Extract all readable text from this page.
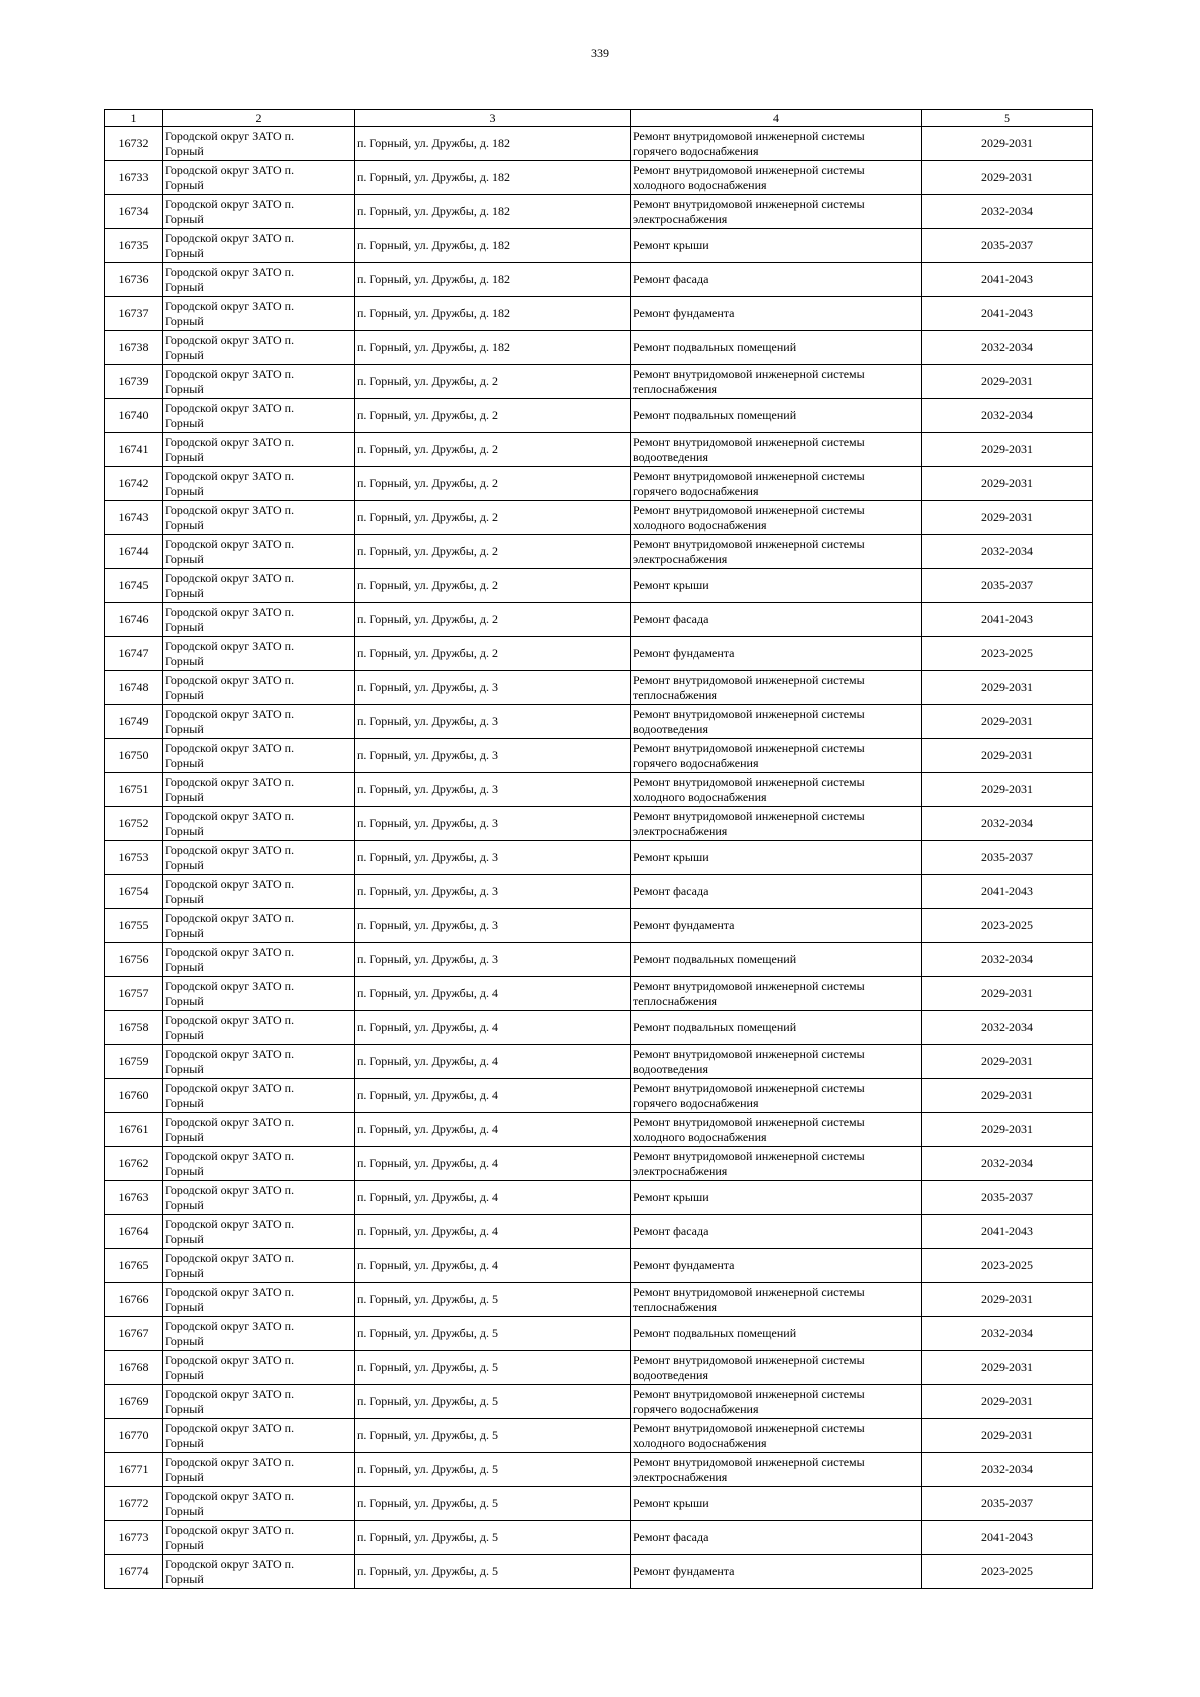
339
1	2	3	4	5

16732	Городской округ ЗАТО п.
Горный	п. Горный, ул. Дружбы, д. 182	Ремонт внутридомовой инженерной системы
горячего водоснабжения	2029-2031

16733	Городской округ ЗАТО п.
Горный	п. Горный, ул. Дружбы, д. 182	Ремонт внутридомовой инженерной системы
холодного водоснабжения	2029-2031

16734	Городской округ ЗАТО п.
Горный	п. Горный, ул. Дружбы, д. 182	Ремонт внутридомовой инженерной системы
электроснабжения	2032-2034

16735	Городской округ ЗАТО п.
Горный	п. Горный, ул. Дружбы, д. 182	Ремонт крыши	2035-2037

16736	Городской округ ЗАТО п.
Горный	п. Горный, ул. Дружбы, д. 182	Ремонт фасада	2041-2043

16737	Городской округ ЗАТО п.
Горный	п. Горный, ул. Дружбы, д. 182	Ремонт фундамента	2041-2043

16738	Городской округ ЗАТО п.
Горный	п. Горный, ул. Дружбы, д. 182	Ремонт подвальных помещений	2032-2034

16739	Городской округ ЗАТО п.
Горный	п. Горный, ул. Дружбы, д. 2	Ремонт внутридомовой инженерной системы
теплоснабжения	2029-2031

16740	Городской округ ЗАТО п.
Горный	п. Горный, ул. Дружбы, д. 2	Ремонт подвальных помещений	2032-2034

16741	Городской округ ЗАТО п.
Горный	п. Горный, ул. Дружбы, д. 2	Ремонт внутридомовой инженерной системы
водоотведения	2029-2031

16742	Городской округ ЗАТО п.
Горный	п. Горный, ул. Дружбы, д. 2	Ремонт внутридомовой инженерной системы
горячего водоснабжения	2029-2031

16743	Городской округ ЗАТО п.
Горный	п. Горный, ул. Дружбы, д. 2	Ремонт внутридомовой инженерной системы
холодного водоснабжения	2029-2031

16744	Городской округ ЗАТО п.
Горный	п. Горный, ул. Дружбы, д. 2	Ремонт внутридомовой инженерной системы
электроснабжения	2032-2034

16745	Городской округ ЗАТО п.
Горный	п. Горный, ул. Дружбы, д. 2	Ремонт крыши	2035-2037

16746	Городской округ ЗАТО п.
Горный	п. Горный, ул. Дружбы, д. 2	Ремонт фасада	2041-2043

16747	Городской округ ЗАТО п.
Горный	п. Горный, ул. Дружбы, д. 2	Ремонт фундамента	2023-2025

16748	Городской округ ЗАТО п.
Горный	п. Горный, ул. Дружбы, д. 3	Ремонт внутридомовой инженерной системы
теплоснабжения	2029-2031

16749	Городской округ ЗАТО п.
Горный	п. Горный, ул. Дружбы, д. 3	Ремонт внутридомовой инженерной системы
водоотведения	2029-2031

16750	Городской округ ЗАТО п.
Горный	п. Горный, ул. Дружбы, д. 3	Ремонт внутридомовой инженерной системы
горячего водоснабжения	2029-2031

16751	Городской округ ЗАТО п.
Горный	п. Горный, ул. Дружбы, д. 3	Ремонт внутридомовой инженерной системы
холодного водоснабжения	2029-2031

16752	Городской округ ЗАТО п.
Горный	п. Горный, ул. Дружбы, д. 3	Ремонт внутридомовой инженерной системы
электроснабжения	2032-2034

16753	Городской округ ЗАТО п.
Горный	п. Горный, ул. Дружбы, д. 3	Ремонт крыши	2035-2037

16754	Городской округ ЗАТО п.
Горный	п. Горный, ул. Дружбы, д. 3	Ремонт фасада	2041-2043

16755	Городской округ ЗАТО п.
Горный	п. Горный, ул. Дружбы, д. 3	Ремонт фундамента	2023-2025

16756	Городской округ ЗАТО п.
Горный	п. Горный, ул. Дружбы, д. 3	Ремонт подвальных помещений	2032-2034

16757	Городской округ ЗАТО п.
Горный	п. Горный, ул. Дружбы, д. 4	Ремонт внутридомовой инженерной системы
теплоснабжения	2029-2031

16758	Городской округ ЗАТО п.
Горный	п. Горный, ул. Дружбы, д. 4	Ремонт подвальных помещений	2032-2034

16759	Городской округ ЗАТО п.
Горный	п. Горный, ул. Дружбы, д. 4	Ремонт внутридомовой инженерной системы
водоотведения	2029-2031

16760	Городской округ ЗАТО п.
Горный	п. Горный, ул. Дружбы, д. 4	Ремонт внутридомовой инженерной системы
горячего водоснабжения	2029-2031

16761	Городской округ ЗАТО п.
Горный	п. Горный, ул. Дружбы, д. 4	Ремонт внутридомовой инженерной системы
холодного водоснабжения	2029-2031

16762	Городской округ ЗАТО п.
Горный	п. Горный, ул. Дружбы, д. 4	Ремонт внутридомовой инженерной системы
электроснабжения	2032-2034

16763	Городской округ ЗАТО п.
Горный	п. Горный, ул. Дружбы, д. 4	Ремонт крыши	2035-2037

16764	Городской округ ЗАТО п.
Горный	п. Горный, ул. Дружбы, д. 4	Ремонт фасада	2041-2043

16765	Городской округ ЗАТО п.
Горный	п. Горный, ул. Дружбы, д. 4	Ремонт фундамента	2023-2025

16766	Городской округ ЗАТО п.
Горный	п. Горный, ул. Дружбы, д. 5	Ремонт внутридомовой инженерной системы
теплоснабжения	2029-2031

16767	Городской округ ЗАТО п.
Горный	п. Горный, ул. Дружбы, д. 5	Ремонт подвальных помещений	2032-2034

16768	Городской округ ЗАТО п.
Горный	п. Горный, ул. Дружбы, д. 5	Ремонт внутридомовой инженерной системы
водоотведения	2029-2031

16769	Городской округ ЗАТО п.
Горный	п. Горный, ул. Дружбы, д. 5	Ремонт внутридомовой инженерной системы
горячего водоснабжения	2029-2031

16770	Городской округ ЗАТО п.
Горный	п. Горный, ул. Дружбы, д. 5	Ремонт внутридомовой инженерной системы
холодного водоснабжения	2029-2031

16771	Городской округ ЗАТО п.
Горный	п. Горный, ул. Дружбы, д. 5	Ремонт внутридомовой инженерной системы
электроснабжения	2032-2034

16772	Городской округ ЗАТО п.
Горный	п. Горный, ул. Дружбы, д. 5	Ремонт крыши	2035-2037

16773	Городской округ ЗАТО п.
Горный	п. Горный, ул. Дружбы, д. 5	Ремонт фасада	2041-2043

16774	Городской округ ЗАТО п.
Горный	п. Горный, ул. Дружбы, д. 5	Ремонт фундамента	2023-2025
